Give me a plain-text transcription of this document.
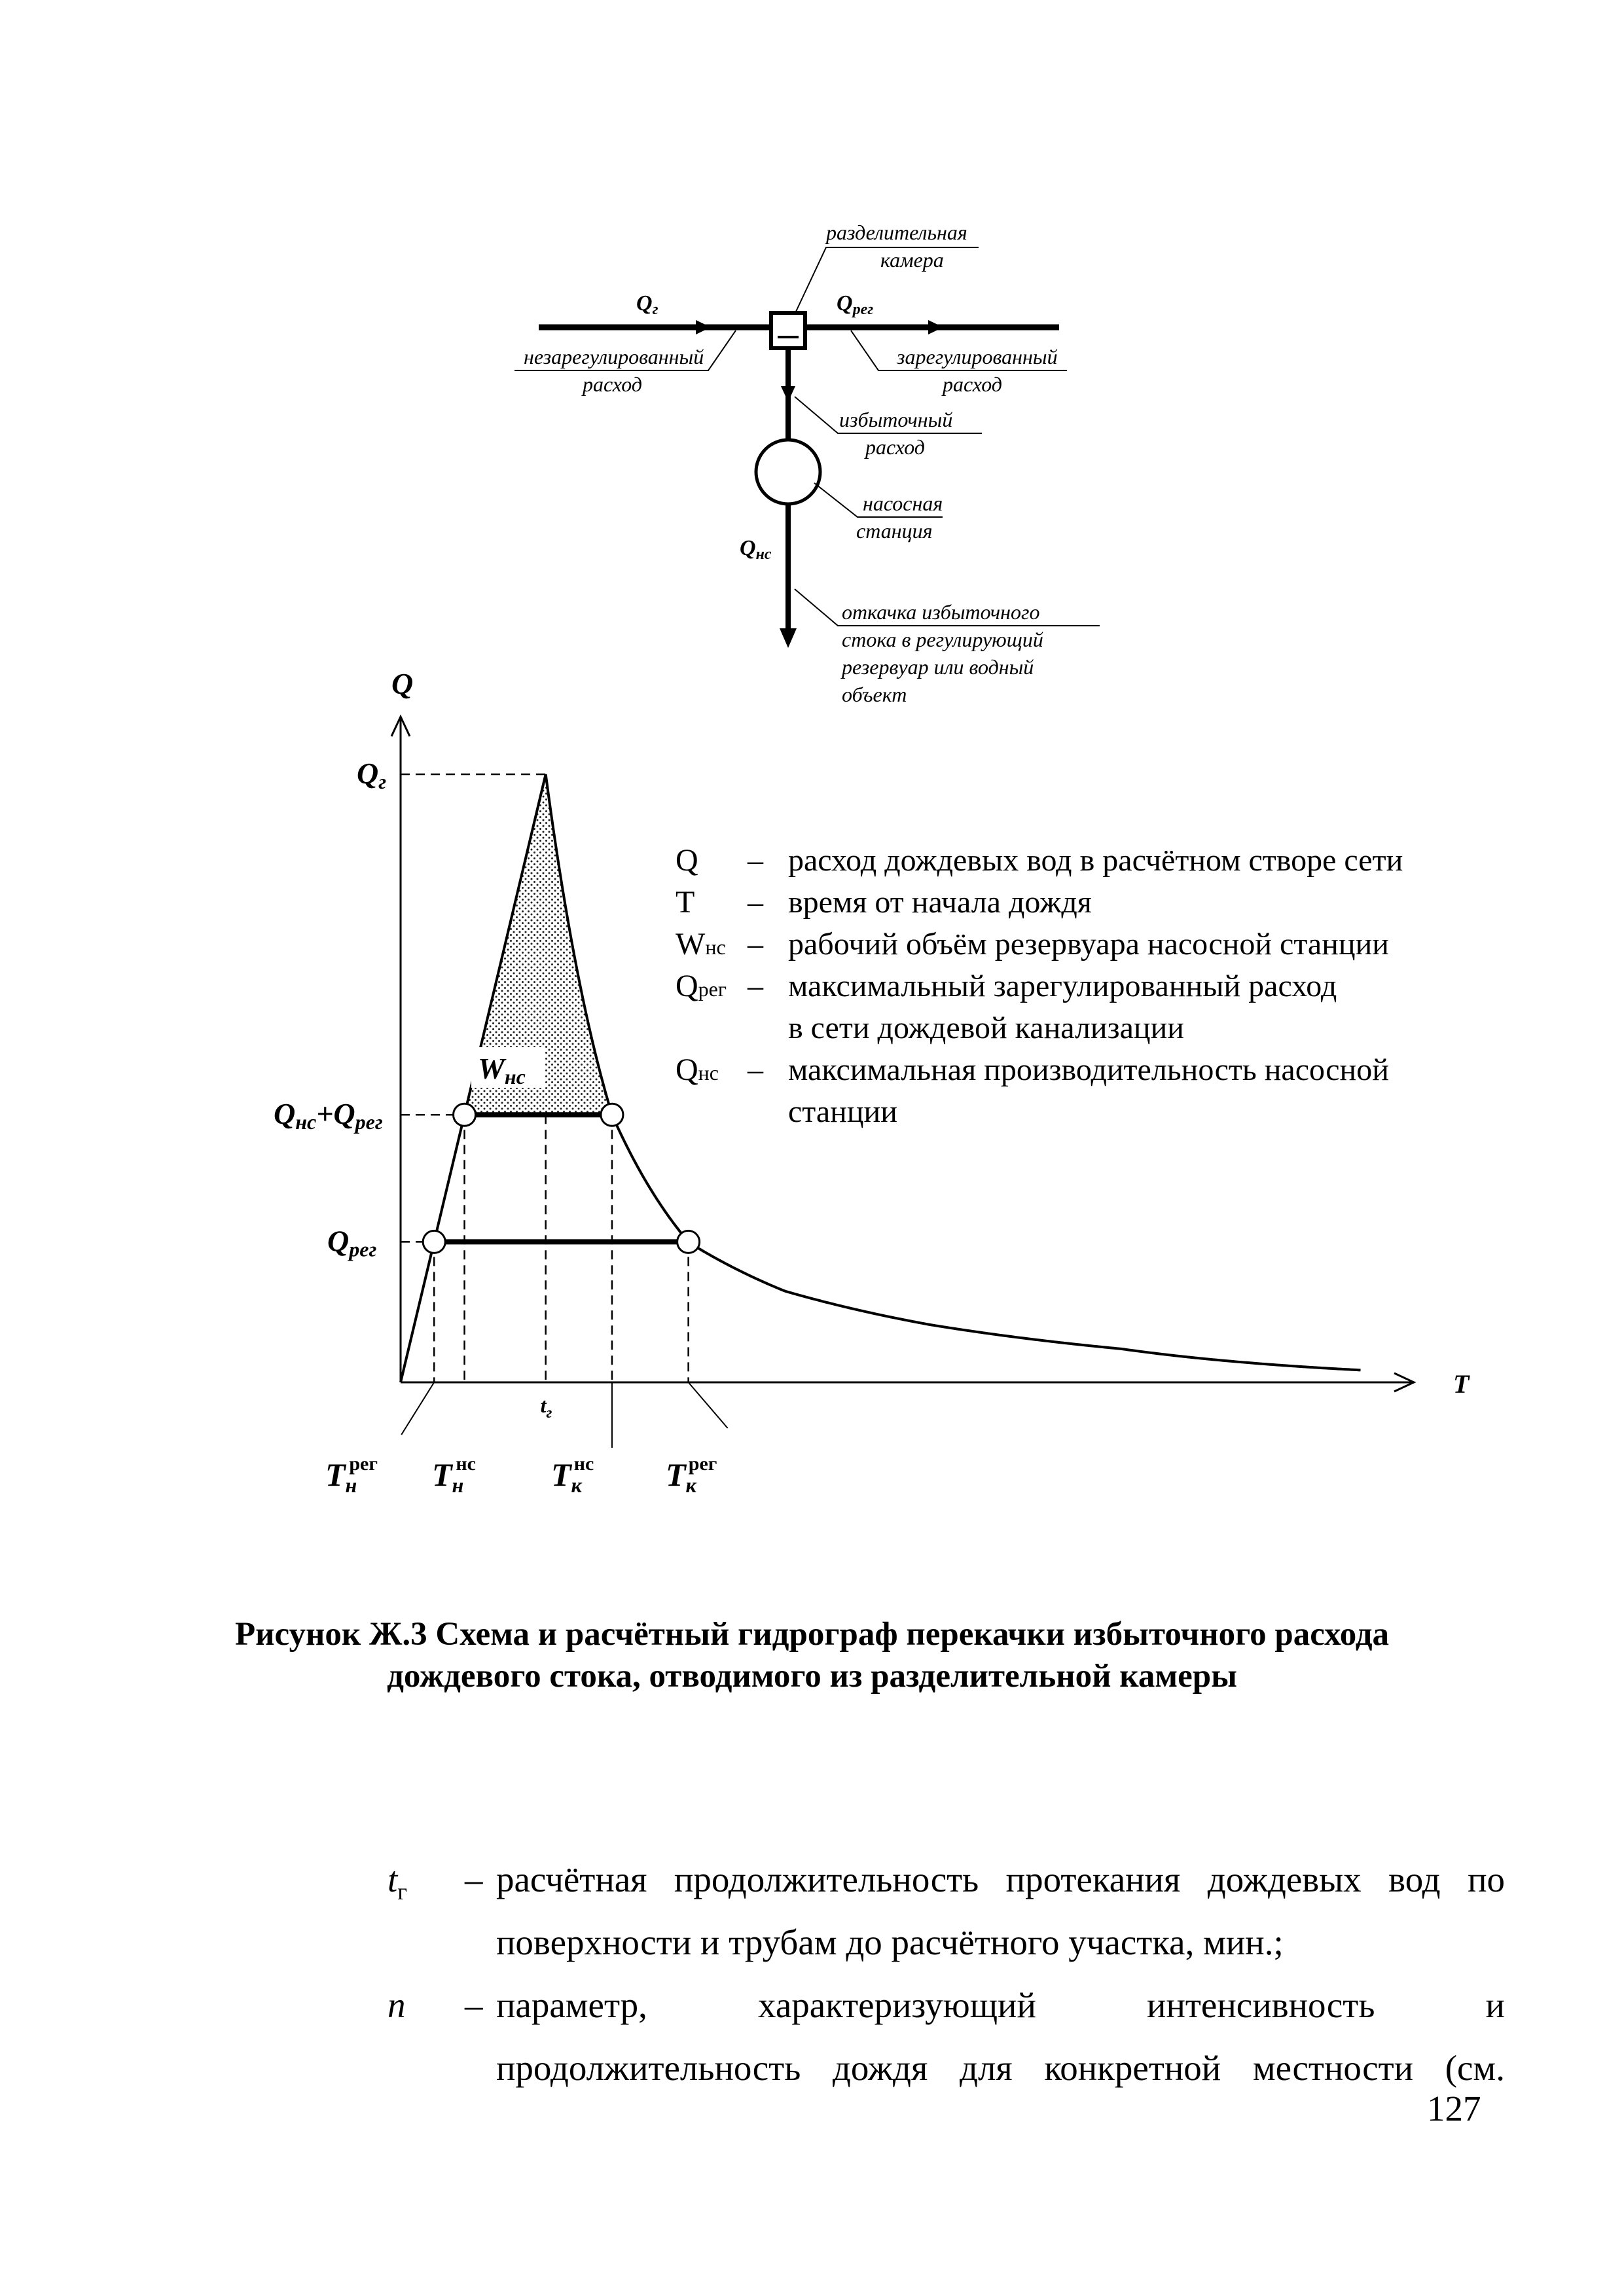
Qг	Qрег
Qнс
разделительная камера
незарегулированный расход
зарегулированный расход
избыточный расход
насосная станция
откачка избыточного стока в регулирующий резервуар или водный объект
Qг
Qнс+Qрег
Qрег
Q
T
$T_нрег$ $T_ннс$
$t_г$
$T_кнс$ $T_крег$
Wнс
Q – расход дождевых вод в расчётном створе сети
T – время от начала дождя
Wнс – рабочий объём резервуара насосной станции
Qрег – максимальный зарегулированный расход
в сети дождевой канализации
Qнс – максимальная производительность насосной
станции
Рисунок Ж.3 Схема и расчётный гидрограф перекачки избыточного расхода
дождевого стока, отводимого из разделительной камеры
$t_г$ – расчётная продолжительность протекания дождевых вод по
поверхности и трубам до расчётного участка, мин.;
n – параметр, характеризующий интенсивность и
продолжительность дождя для конкретной местности (см.
127
